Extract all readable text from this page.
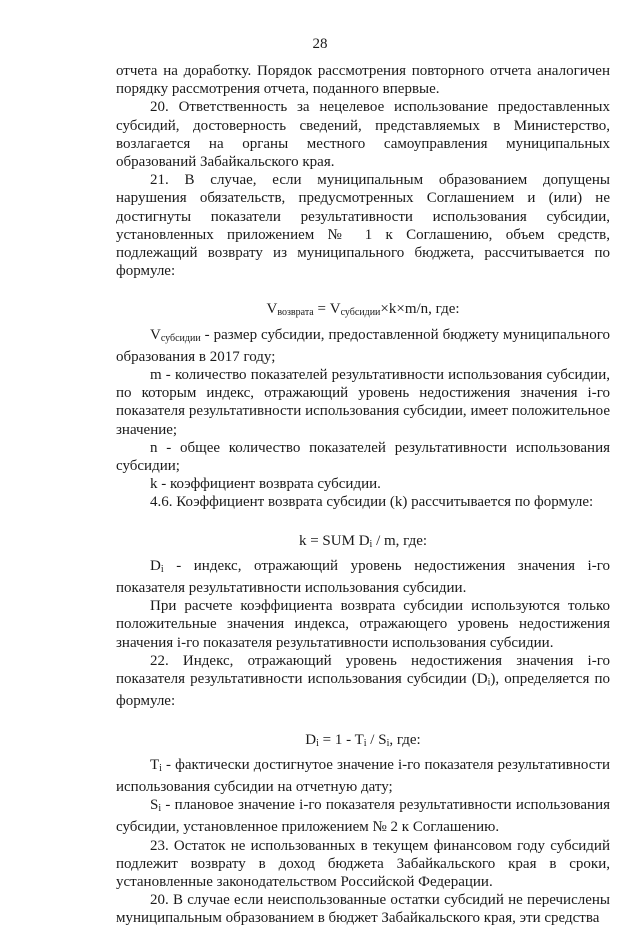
28

отчета на доработку. Порядок рассмотрения повторного отчета аналогичен порядку рассмотрения отчета, поданного впервые.

20. Ответственность за нецелевое использование предоставленных субсидий, достоверность сведений, представляемых в Министерство, возлагается на органы местного самоуправления муниципальных образований Забайкальского края.

21. В случае, если муниципальным образованием допущены нарушения обязательств, предусмотренных Соглашением и (или) не достигнуты показатели результативности использования субсидии, установленных приложением № 1 к Соглашению, объем средств, подлежащий возврату из муниципального бюджета, рассчитывается по формуле:

$V_{возврата} = V_{субсидии}\times k\times m/n$, где:

$V_{субсидии}$ - размер субсидии, предоставленной бюджету муниципального образования в 2017 году;

m - количество показателей результативности использования субсидии, по которым индекс, отражающий уровень недостижения значения i-го показателя результативности использования субсидии, имеет положительное значение;

n - общее количество показателей результативности использования субсидии;

k - коэффициент возврата субсидии.

4.6. Коэффициент возврата субсидии (k) рассчитывается по формуле:

k = SUM $D_i$ / m, где:

$D_i$ - индекс, отражающий уровень недостижения значения i-го показателя результативности использования субсидии.

При расчете коэффициента возврата субсидии используются только положительные значения индекса, отражающего уровень недостижения значения i-го показателя результативности использования субсидии.

22. Индекс, отражающий уровень недостижения значения i-го показателя результативности использования субсидии $(D_i)$, определяется по формуле:

$D_i = 1 - T_i / S_i$, где:

$T_i$ - фактически достигнутое значение i-го показателя результативности использования субсидии на отчетную дату;

$S_i$ - плановое значение i-го показателя результативности использования субсидии, установленное приложением № 2 к Соглашению.

23. Остаток не использованных в текущем финансовом году субсидий подлежит возврату в доход бюджета Забайкальского края в сроки, установленные законодательством Российской Федерации.

20. В случае если неиспользованные остатки субсидий не перечислены муниципальным образованием в бюджет Забайкальского края, эти средства
